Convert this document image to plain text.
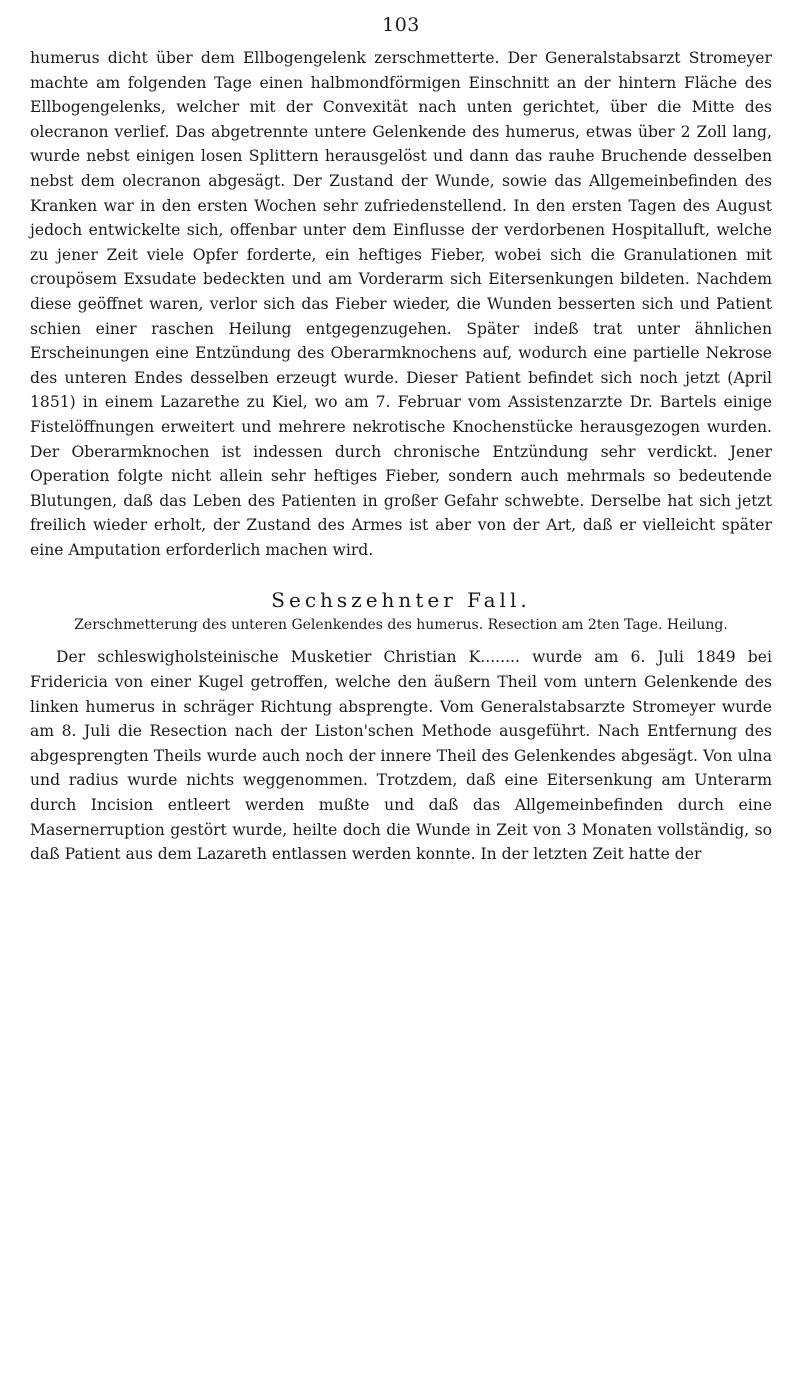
103

humerus dicht über dem Ellbogengelenk zerschmetterte. Der Generalstabsarzt Stromeyer machte am folgenden Tage einen halbmondförmigen Einschnitt an der hintern Fläche des Ellbogengelenks, welcher mit der Convexität nach unten gerichtet, über die Mitte des olecranon verlief. Das abgetrennte untere Gelenkende des humerus, etwas über 2 Zoll lang, wurde nebst einigen losen Splittern herausgelöst und dann das rauhe Bruchende desselben nebst dem olecranon abgesägt. Der Zustand der Wunde, sowie das Allgemeinbefinden des Kranken war in den ersten Wochen sehr zufriedenstellend. In den ersten Tagen des August jedoch entwickelte sich, offenbar unter dem Einflusse der verdorbenen Hospitalluft, welche zu jener Zeit viele Opfer forderte, ein heftiges Fieber, wobei sich die Granulationen mit croupösem Exsudate bedeckten und am Vorderarm sich Eitersenkungen bildeten. Nachdem diese geöffnet waren, verlor sich das Fieber wieder, die Wunden besserten sich und Patient schien einer raschen Heilung entgegenzugehen. Später indeß trat unter ähnlichen Erscheinungen eine Entzündung des Oberarmknochens auf, wodurch eine partielle Nekrose des unteren Endes desselben erzeugt wurde. Dieser Patient befindet sich noch jetzt (April 1851) in einem Lazarethe zu Kiel, wo am 7. Februar vom Assistenzarzte Dr. Bartels einige Fistelöffnungen erweitert und mehrere nekrotische Knochenstücke herausgezogen wurden. Der Oberarmknochen ist indessen durch chronische Entzündung sehr verdickt. Jener Operation folgte nicht allein sehr heftiges Fieber, sondern auch mehrmals so bedeutende Blutungen, daß das Leben des Patienten in großer Gefahr schwebte. Derselbe hat sich jetzt freilich wieder erholt, der Zustand des Armes ist aber von der Art, daß er vielleicht später eine Amputation erforderlich machen wird.

Sechszehnter Fall.
Zerschmetterung des unteren Gelenkendes des humerus. Resection am 2ten Tage. Heilung.

Der schleswigholsteinische Musketier Christian K........ wurde am 6. Juli 1849 bei Fridericia von einer Kugel getroffen, welche den äußern Theil vom untern Gelenkende des linken humerus in schräger Richtung absprengte. Vom Generalstabsarzte Stromeyer wurde am 8. Juli die Resection nach der Liston'schen Methode ausgeführt. Nach Entfernung des abgesprengten Theils wurde auch noch der innere Theil des Gelenkendes abgesägt. Von ulna und radius wurde nichts weggenommen. Trotzdem, daß eine Eitersenkung am Unterarm durch Incision entleert werden mußte und daß das Allgemeinbefinden durch eine Masernerruption gestört wurde, heilte doch die Wunde in Zeit von 3 Monaten vollständig, so daß Patient aus dem Lazareth entlassen werden konnte. In der letzten Zeit hatte der
